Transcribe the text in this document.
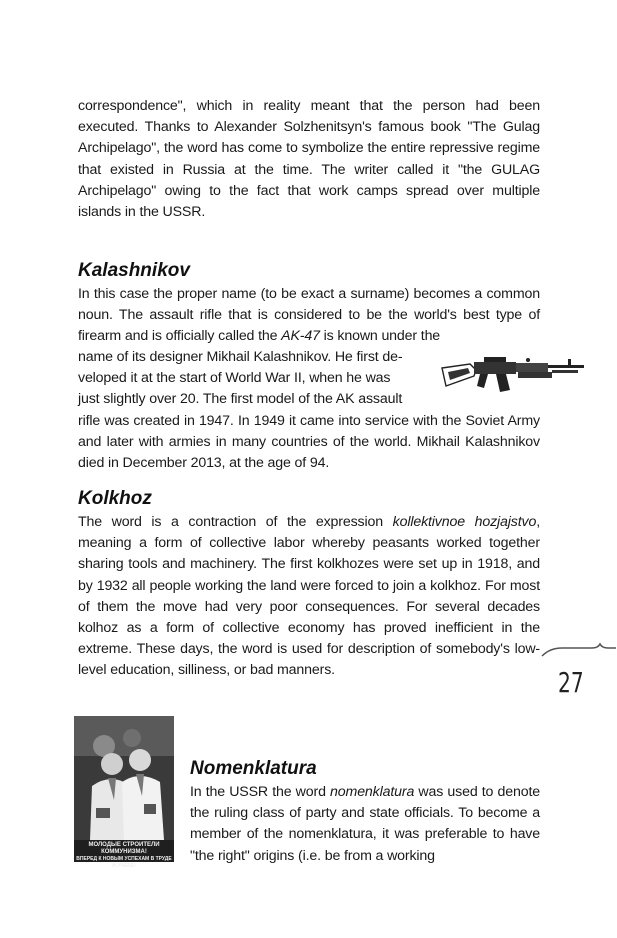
correspondence", which in reality meant that the person had been executed. Thanks to Alexander Solzhenitsyn's famous book "The Gulag Archipelago", the word has come to symbolize the entire repressive regime that existed in Russia at the time. The writer called it "the GULAG Archipelago" owing to the fact that work camps spread over multiple islands in the USSR.
Kalashnikov
In this case the proper name (to be exact a surname) becomes a common noun. The assault rifle that is considered to be the world's best type of firearm and is officially called the AK-47 is known under the
name of its designer Mikhail Kalashnikov. He first de-
veloped it at the start of World War II, when he was
just slightly over 20. The first model of the AK assault
rifle was created in 1947. In 1949 it came into service with the Soviet Army and later with armies in many countries of the world. Mikhail Kalashnikov died in December 2013, at the age of 94.
Kolkhoz
The word is a contraction of the expression kollektivnoe hozjajstvo, meaning a form of collective labor whereby peasants worked together sharing tools and machinery. The first kolkhozes were set up in 1918, and by 1932 all people working the land were forced to join a kolkhoz. For most of them the move had very poor consequences. For several decades kolhoz as a form of collective economy has proved inefficient in the extreme. These days, the word is used for description of somebody's low-level education, silliness, or bad manners.	27
МОЛОДЫЕ СТРОИТЕЛИ КОММУНИЗМА!
ВПЕРЕД К НОВЫМ УСПЕХАМ В ТРУДЕ И УЧЕБЕ!
Nomenklatura
In the USSR the word nomenklatura was used to denote the ruling class of party and state officials. To become a member of the nomenklatura, it was preferable to have "the right" origins (i.e. be from a working
